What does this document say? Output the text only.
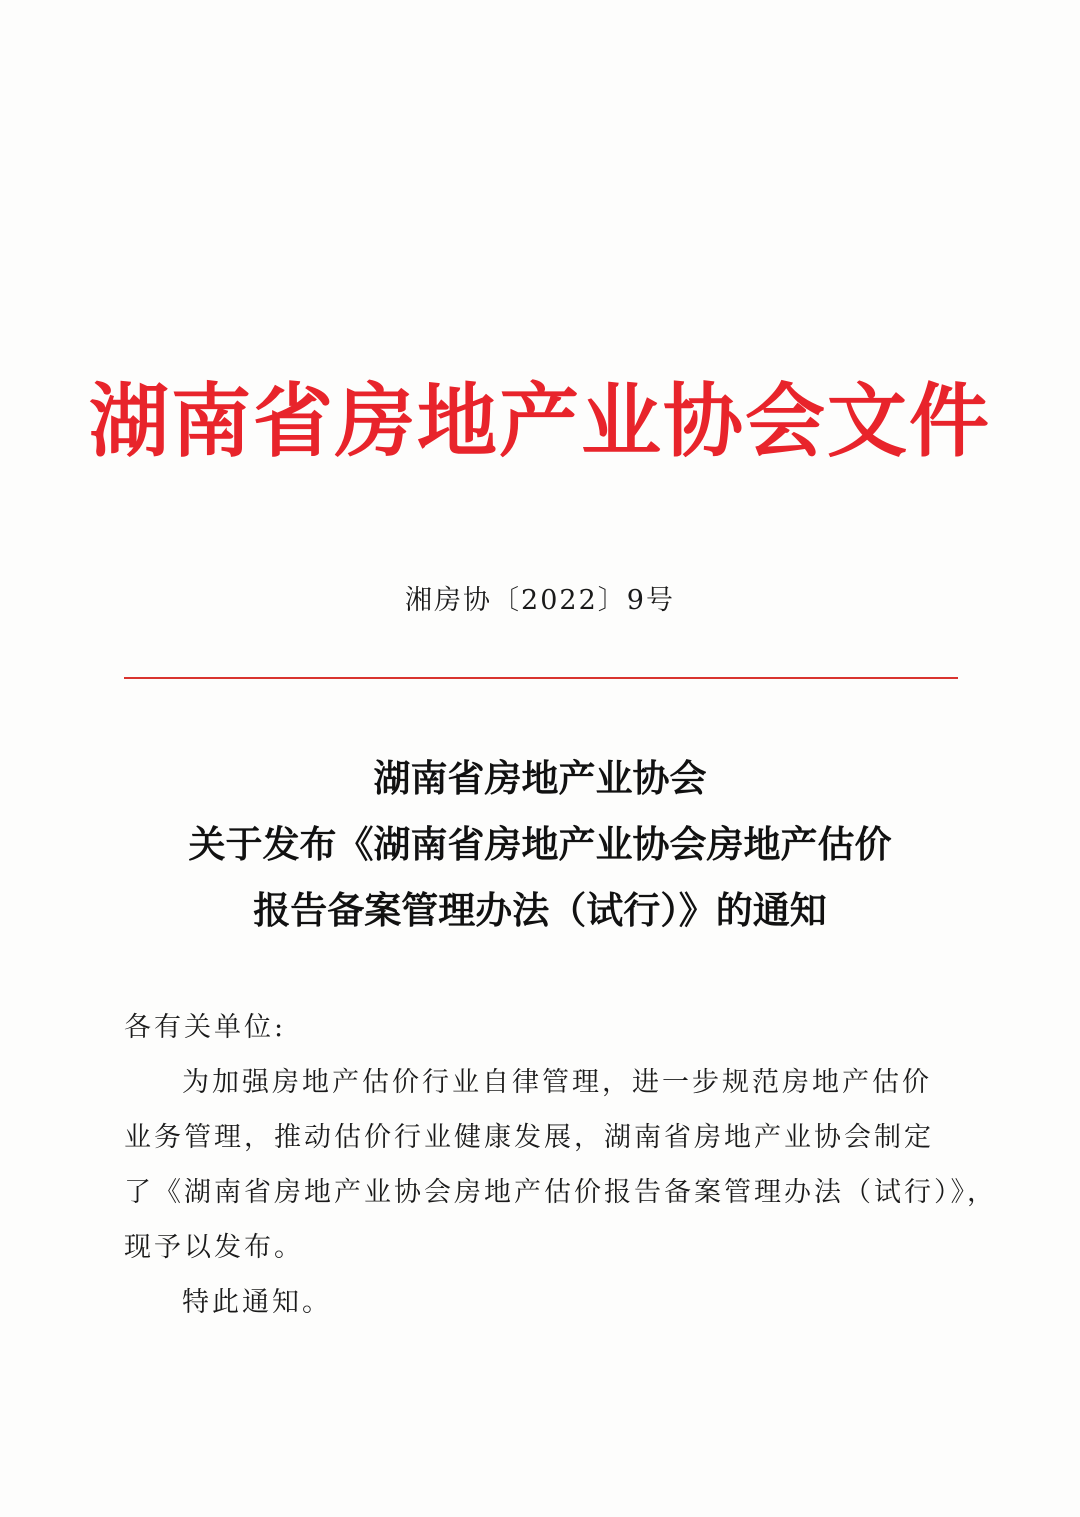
湖南省房地产业协会文件
湘房协〔2022〕9号
湖南省房地产业协会
关于发布《湖南省房地产业协会房地产估价
报告备案管理办法（试行）》的通知
各有关单位:
为加强房地产估价行业自律管理，进一步规范房地产估价
业务管理，推动估价行业健康发展，湖南省房地产业协会制定
了《湖南省房地产业协会房地产估价报告备案管理办法（试行）》，
现予以发布。
特此通知。
